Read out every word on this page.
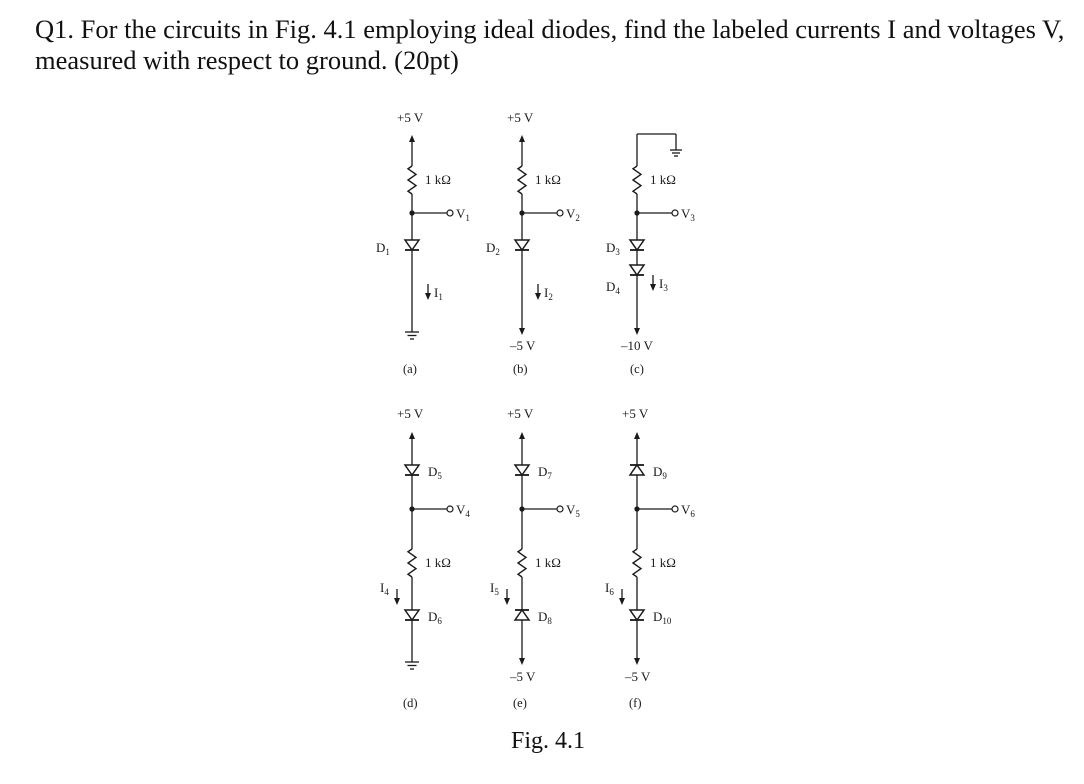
Q1. For the circuits in Fig. 4.1 employing ideal diodes, find the labeled currents I and voltages V, measured with respect to ground. (20pt)
+5 V
1 kΩ
$V_1$
$D_1$
$I_1$
(a)
+5 V
1 kΩ
$V_2$
$D_2$
$I_2$
–5 V
(b)
1 kΩ
$V_3$
$D_3$
$D_4$	$I_3$
–10 V
(c)
+5 V
$D_5$
$V_4$
1 kΩ
$I_4$
$D_6$
(d)
+5 V
$D_7$
$V_5$
1 kΩ
$I_5$
$D_8$
–5 V
(e)
+5 V
$D_9$
$V_6$
1 kΩ
$I_6$
$D_{10}$
–5 V
(f)
Fig. 4.1
